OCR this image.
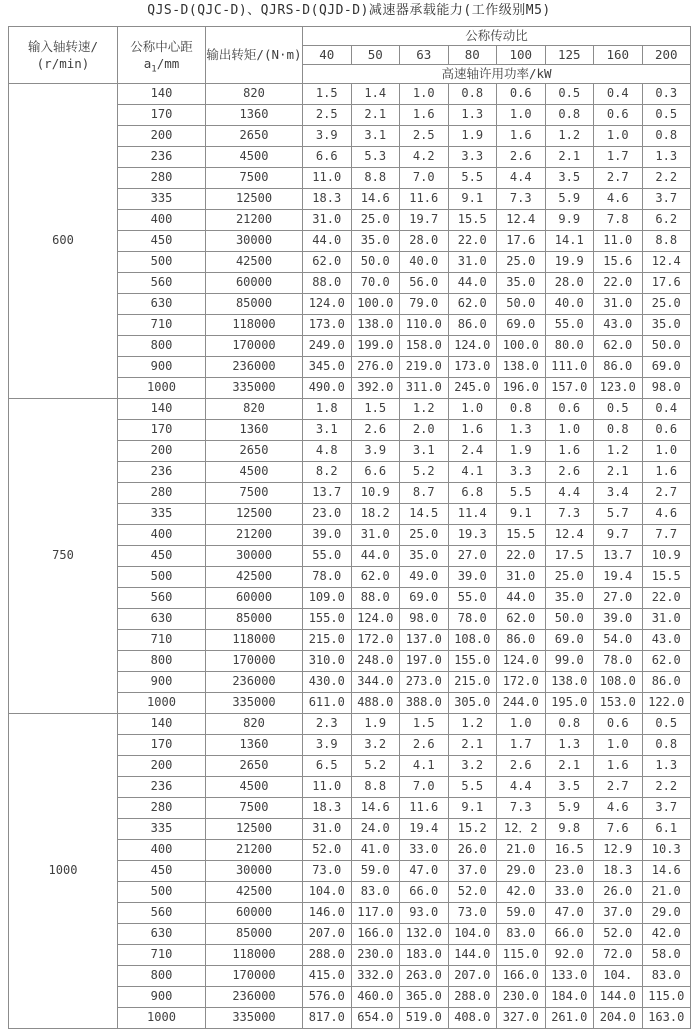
QJS-D(QJC-D)、QJRS-D(QJD-D)减速器承载能力(工作级别M5)
输入轴转速/
(r/min)	公称中心距
$a_1/mm$	输出转矩/(N·m)	公称传动比							
			40	50	63	80	100	125	160	200
			高速轴许用功率/kW							
600	140	820	1.5	1.4	1.0	0.8	0.6	0.5	0.4	0.3
	170	1360	2.5	2.1	1.6	1.3	1.0	0.8	0.6	0.5
	200	2650	3.9	3.1	2.5	1.9	1.6	1.2	1.0	0.8
	236	4500	6.6	5.3	4.2	3.3	2.6	2.1	1.7	1.3
	280	7500	11.0	8.8	7.0	5.5	4.4	3.5	2.7	2.2
	335	12500	18.3	14.6	11.6	9.1	7.3	5.9	4.6	3.7
	400	21200	31.0	25.0	19.7	15.5	12.4	9.9	7.8	6.2
	450	30000	44.0	35.0	28.0	22.0	17.6	14.1	11.0	8.8
	500	42500	62.0	50.0	40.0	31.0	25.0	19.9	15.6	12.4
	560	60000	88.0	70.0	56.0	44.0	35.0	28.0	22.0	17.6
	630	85000	124.0	100.0	79.0	62.0	50.0	40.0	31.0	25.0
	710	118000	173.0	138.0	110.0	86.0	69.0	55.0	43.0	35.0
	800	170000	249.0	199.0	158.0	124.0	100.0	80.0	62.0	50.0
	900	236000	345.0	276.0	219.0	173.0	138.0	111.0	86.0	69.0
	1000	335000	490.0	392.0	311.0	245.0	196.0	157.0	123.0	98.0
750	140	820	1.8	1.5	1.2	1.0	0.8	0.6	0.5	0.4
	170	1360	3.1	2.6	2.0	1.6	1.3	1.0	0.8	0.6
	200	2650	4.8	3.9	3.1	2.4	1.9	1.6	1.2	1.0
	236	4500	8.2	6.6	5.2	4.1	3.3	2.6	2.1	1.6
	280	7500	13.7	10.9	8.7	6.8	5.5	4.4	3.4	2.7
	335	12500	23.0	18.2	14.5	11.4	9.1	7.3	5.7	4.6
	400	21200	39.0	31.0	25.0	19.3	15.5	12.4	9.7	7.7
	450	30000	55.0	44.0	35.0	27.0	22.0	17.5	13.7	10.9
	500	42500	78.0	62.0	49.0	39.0	31.0	25.0	19.4	15.5
	560	60000	109.0	88.0	69.0	55.0	44.0	35.0	27.0	22.0
	630	85000	155.0	124.0	98.0	78.0	62.0	50.0	39.0	31.0
	710	118000	215.0	172.0	137.0	108.0	86.0	69.0	54.0	43.0
	800	170000	310.0	248.0	197.0	155.0	124.0	99.0	78.0	62.0
	900	236000	430.0	344.0	273.0	215.0	172.0	138.0	108.0	86.0
	1000	335000	611.0	488.0	388.0	305.0	244.0	195.0	153.0	122.0
1000	140	820	2.3	1.9	1.5	1.2	1.0	0.8	0.6	0.5
	170	1360	3.9	3.2	2.6	2.1	1.7	1.3	1.0	0.8
	200	2650	6.5	5.2	4.1	3.2	2.6	2.1	1.6	1.3
	236	4500	11.0	8.8	7.0	5.5	4.4	3.5	2.7	2.2
	280	7500	18.3	14.6	11.6	9.1	7.3	5.9	4.6	3.7
	335	12500	31.0	24.0	19.4	15.2	12．2	9.8	7.6	6.1
	400	21200	52.0	41.0	33.0	26.0	21.0	16.5	12.9	10.3
	450	30000	73.0	59.0	47.0	37.0	29.0	23.0	18.3	14.6
	500	42500	104.0	83.0	66.0	52.0	42.0	33.0	26.0	21.0
	560	60000	146.0	117.0	93.0	73.0	59.0	47.0	37.0	29.0
	630	85000	207.0	166.0	132.0	104.0	83.0	66.0	52.0	42.0
	710	118000	288.0	230.0	183.0	144.0	115.0	92.0	72.0	58.0
	800	170000	415.0	332.0	263.0	207.0	166.0	133.0	104.	83.0
	900	236000	576.0	460.0	365.0	288.0	230.0	184.0	144.0	115.0
	1000	335000	817.0	654.0	519.0	408.0	327.0	261.0	204.0	163.0
